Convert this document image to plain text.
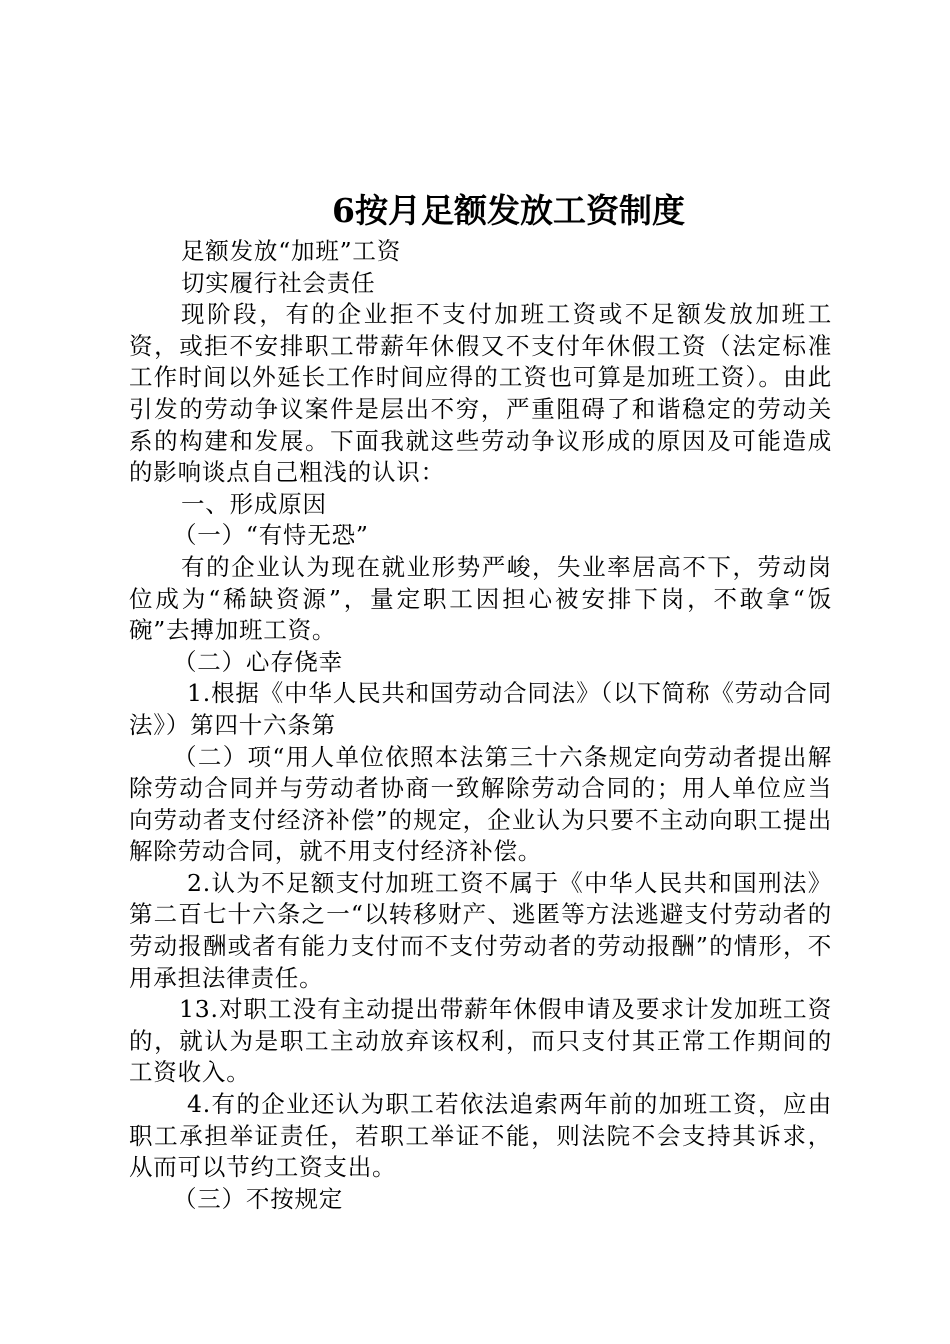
6按月足额发放工资制度

足额发放“加班”工资

切实履行社会责任

现阶段，有的企业拒不支付加班工资或不足额发放加班工资，或拒不安排职工带薪年休假又不支付年休假工资（法定标准工作时间以外延长工作时间应得的工资也可算是加班工资）。由此引发的劳动争议案件是层出不穷，严重阻碍了和谐稳定的劳动关系的构建和发展。下面我就这些劳动争议形成的原因及可能造成的影响谈点自己粗浅的认识：

一、形成原因

（一）“有恃无恐”

有的企业认为现在就业形势严峻，失业率居高不下，劳动岗位成为“稀缺资源”，量定职工因担心被安排下岗，不敢拿“饭碗”去搏加班工资。

（二）心存侥幸

1.根据《中华人民共和国劳动合同法》（以下简称《劳动合同法》）第四十六条第

（二）项“用人单位依照本法第三十六条规定向劳动者提出解除劳动合同并与劳动者协商一致解除劳动合同的；用人单位应当向劳动者支付经济补偿”的规定，企业认为只要不主动向职工提出解除劳动合同，就不用支付经济补偿。

2.认为不足额支付加班工资不属于《中华人民共和国刑法》第二百七十六条之一“以转移财产、逃匿等方法逃避支付劳动者的劳动报酬或者有能力支付而不支付劳动者的劳动报酬”的情形，不用承担法律责任。

13.对职工没有主动提出带薪年休假申请及要求计发加班工资的，就认为是职工主动放弃该权利，而只支付其正常工作期间的工资收入。

4.有的企业还认为职工若依法追索两年前的加班工资，应由职工承担举证责任，若职工举证不能，则法院不会支持其诉求，从而可以节约工资支出。

（三）不按规定
